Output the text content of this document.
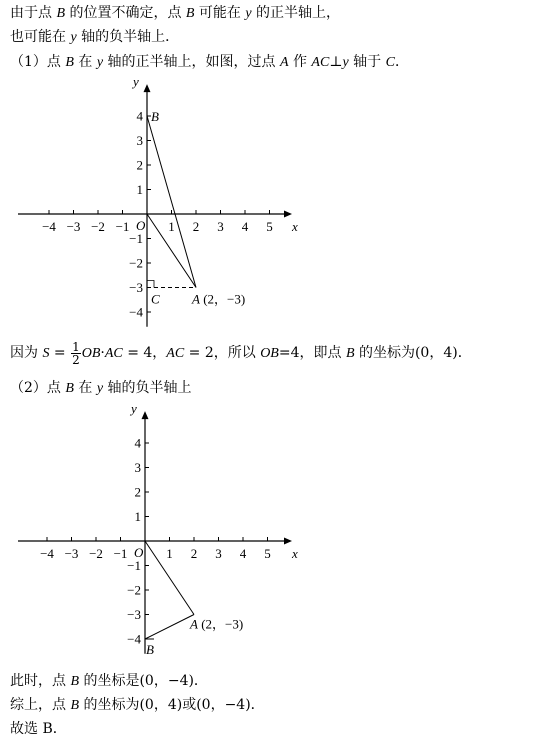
由于点 B 的位置不确定，点 B 可能在 y 的正半轴上，
也可能在 y 轴的负半轴上．
（1）点 B 在 y 轴的正半轴上，如图，过点 A 作 AC⊥y 轴于 C．
x
y
O
−4 −3 −2 −1	1 2 3 4 5
4
3
2
1
−1
−2
−3
−4
B
C A (2，−3)
因为 $S = \frac{1}{2} OB\cdot AC = 4$，AC = 2，所以 OB=4，即点 B 的坐标为(0，4)．
（2）点 B 在 y 轴的负半轴上
x
y
O
−4 −3 −2 −1	1 2 3 4 5
4
3
2
1
−1
−2
−3
−4
B
A (2，−3)
此时，点 B 的坐标是(0，−4)．
综上，点 B 的坐标为(0，4)或(0，−4)．
故选 B．
